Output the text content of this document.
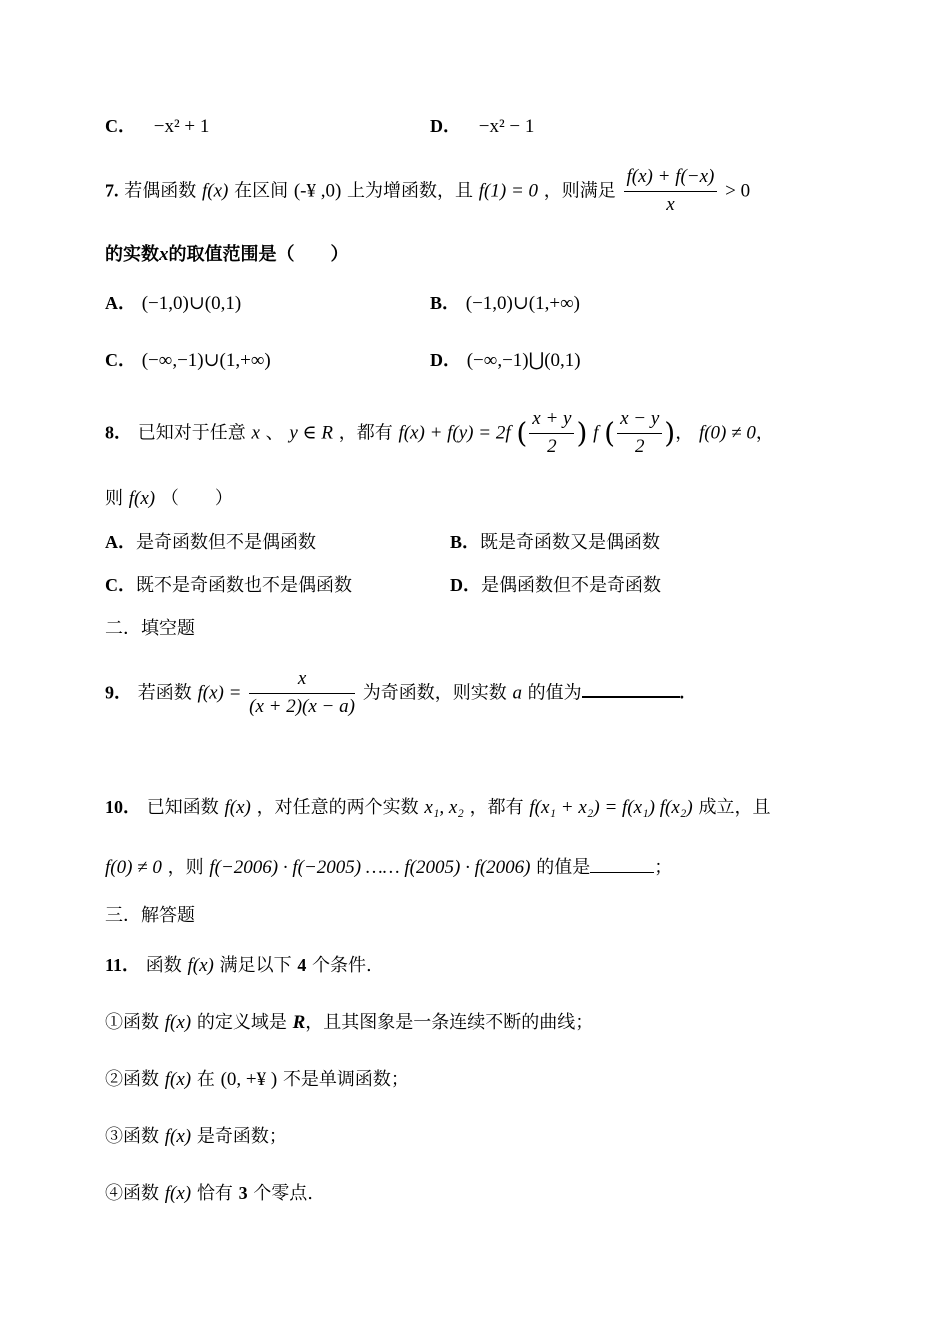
C． −x² + 1	D． −x² − 1
7. 若偶函数 f(x) 在区间 (-¥ ,0) 上为增函数，且 f(1) = 0 ，则满足 $\frac{f(x) + f(-x)}{x} > 0$
的实数x的取值范围是（　　）
A． (−1,0)∪(0,1)	B． (−1,0)∪(1,+∞)
C． (−∞,−1)∪(1,+∞)	D． (−∞,−1)⋃(0,1)
8． 已知对于任意 x 、 y ∈ R ，都有 f(x) + f(y) = 2f ( $\frac{x + y}{2}$ ) f ( $\frac{x - y}{2}$ )， f(0) ≠ 0，
则 f(x) （　　）
A．是奇函数但不是偶函数	B．既是奇函数又是偶函数
C．既不是奇函数也不是偶函数	D．是偶函数但不是奇函数
二．填空题
9． 若函数 $f(x) = \frac{x}{(x + 2)(x - a)}$ 为奇函数，则实数 a 的值为	.
10． 已知函数 f(x) ，对任意的两个实数 x₁, x₂ ，都有 f(x₁ + x₂) = f(x₁) f(x₂) 成立，且
f(0) ≠ 0 ，则 f(−2006) · f(−2005) …… f(2005) · f(2006) 的值是	；
三．解答题
11． 函数 f(x) 满足以下 4 个条件.
①函数 f(x) 的定义域是 R，且其图象是一条连续不断的曲线；
②函数 f(x) 在 (0, +¥ ) 不是单调函数；
③函数 f(x) 是奇函数；
④函数 f(x) 恰有 3 个零点.
